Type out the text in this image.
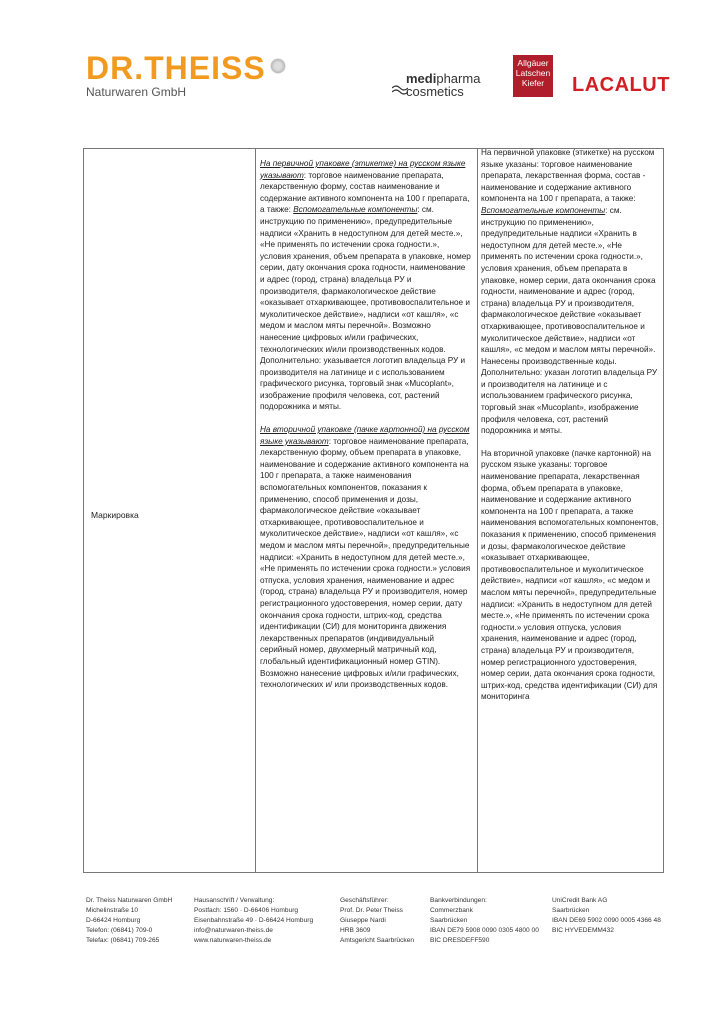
DR.THEISS
Naturwaren GmbH
medipharma
cosmetics
Allgäuer
Latschen
Kiefer	LACALUT
Маркировка

На первичной упаковке (этикетке) на русском языке указывают: торговое наименование препарата, лекарственную форму, состав наименование и содержание активного компонента на 100 г препарата, а также: Вспомогательные компоненты: см. инструкцию по применению», предупредительные надписи «Хранить в недоступном для детей месте.», «Не применять по истечении срока годности.», условия хранения, объем препарата в упаковке, номер серии, дату окончания срока годности, наименование и адрес (город, страна) владельца РУ и производителя, фармакологическое действие «оказывает отхаркивающее, противовоспалительное и муколитическое действие», надписи «от кашля», «с медом и маслом мяты перечной». Возможно нанесение цифровых и/или графических, технологических и/или производственных кодов. Дополнительно: указывается логотип владельца РУ и производителя на латинице и с использованием графического рисунка, торговый знак «Mucoplant», изображение профиля человека, сот, растений подорожника и мяты.

На вторичной упаковке (пачке картонной) на русском языке указывают: торговое наименование препарата, лекарственную форму, объем препарата в упаковке, наименование и содержание активного компонента на 100 г препарата, а также наименования вспомогательных компонентов, показания к применению, способ применения и дозы, фармакологическое действие «оказывает отхаркивающее, противовоспалительное и муколитическое действие», надписи «от кашля», «с медом и маслом мяты перечной», предупредительные надписи: «Хранить в недоступном для детей месте.», «Не применять по истечении срока годности.» условия отпуска, условия хранения, наименование и адрес (город, страна) владельца РУ и производителя, номер регистрационного удостоверения, номер серии, дату окончания срока годности, штрих-код, средства идентификации (СИ) для мониторинга движения лекарственных препаратов (индивидуальный серийный номер, двухмерный матричный код, глобальный идентификационный номер GTIN). Возможно нанесение цифровых и/или графических, технологических и/ или производственных кодов.

На первичной упаковке (этикетке) на русском языке указаны: торговое наименование препарата, лекарственная форма, состав - наименование и содержание активного компонента на 100 г препарата, а также: Вспомогательные компоненты: см. инструкцию по применению», предупредительные надписи «Хранить в недоступном для детей месте.», «Не применять по истечении срока годности.», условия хранения, объем препарата в упаковке, номер серии, дата окончания срока годности, наименование и адрес (город, страна) владельца РУ и производителя, фармакологическое действие «оказывает отхаркивающее, противовоспалительное и муколитическое действие», надписи «от кашля», «с медом и маслом мяты перечной». Нанесены производственные коды. Дополнительно: указан логотип владельца РУ и производителя на латинице и с использованием графического рисунка, торговый знак «Mucoplant», изображение профиля человека, сот, растений подорожника и мяты.

На вторичной упаковке (пачке картонной) на русском языке указаны: торговое наименование препарата, лекарственная форма, объем препарата в упаковке, наименование и содержание активного компонента на 100 г препарата, а также наименования вспомогательных компонентов, показания к применению, способ применения и дозы, фармакологическое действие «оказывает отхаркивающее, противовоспалительное и муколитическое действие», надписи «от кашля», «с медом и маслом мяты перечной», предупредительные надписи: «Хранить в недоступном для детей месте.», «Не применять по истечении срока годности.» условия отпуска, условия хранения, наименование и адрес (город, страна) владельца РУ и производителя, номер регистрационного удостоверения, номер серии, дата окончания срока годности, штрих-код, средства идентификации (СИ) для мониторинга

Dr. Theiss Naturwaren GmbH
Michelinstraße 10
D-66424 Homburg
Telefon: (06841) 709-0
Telefax: (06841) 709-265
Hausanschrift / Verwaltung:
Postfach: 1560 · D-66406 Homburg
Eisenbahnstraße 49 · D-66424 Homburg
info@naturwaren-theiss.de
www.naturwaren-theiss.de
Geschäftsführer:
Prof. Dr. Peter Theiss
Giuseppe Nardi
HRB 3609
Amtsgericht Saarbrücken
Bankverbindungen:
Commerzbank
Saarbrücken
IBAN DE79 5908 0090 0305 4800 00
BIC DRESDEFF590
UniCredit Bank AG
Saarbrücken
IBAN DE69 5902 0090 0005 4366 48
BIC HYVEDEMM432
